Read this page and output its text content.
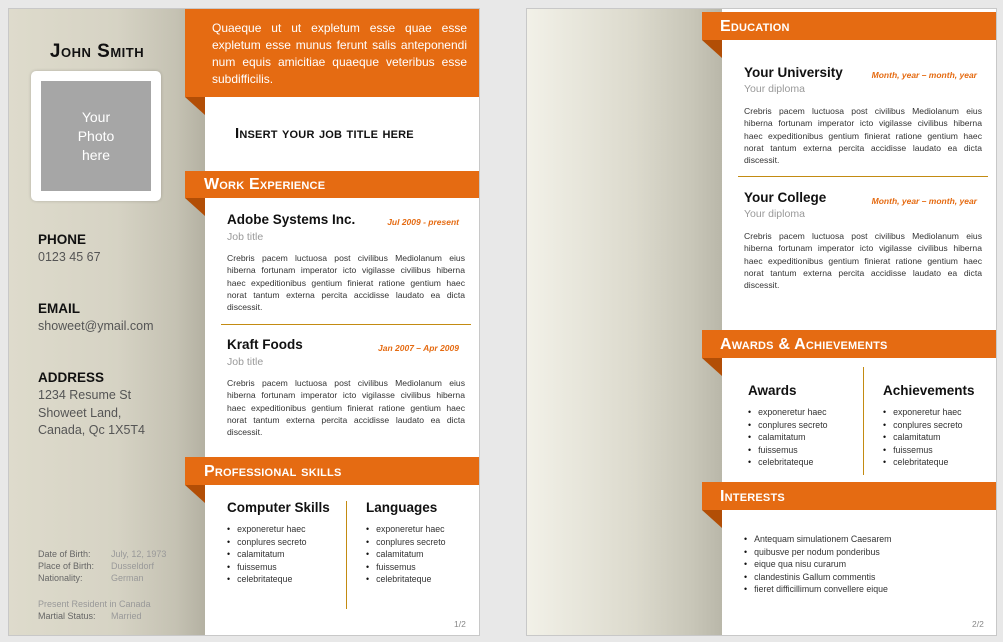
John Smith
Your
Photo
here
PHONE
0123 45 67
EMAIL
showeet@ymail.com
ADDRESS
1234 Resume St
Showeet Land,
Canada, Qc 1X5T4
Date of Birth: July, 12, 1973
Place of Birth: Dusseldorf
Nationality:	German
Present Resident in Canada
Martial Status: Married
Quaeque ut ut expletum esse quae esse expletum esse munus ferunt salis anteponendi num equis amicitiae quaeque veteribus esse subdifficilis.
Insert your job title here
Work Experience
Adobe Systems Inc.	Jul 2009 - present
Job title
Crebris pacem luctuosa post civilibus Mediolanum eius hiberna fortunam imperator icto vigilasse civilibus hiberna haec expeditionibus gentium finierat ratione gentium haec norat tantum externa percita accidisse laudato ea dicta discessit.
Kraft Foods	Jan 2007 – Apr 2009
Job title
Crebris pacem luctuosa post civilibus Mediolanum eius hiberna fortunam imperator icto vigilasse civilibus hiberna haec expeditionibus gentium finierat ratione gentium haec norat tantum externa percita accidisse laudato ea dicta discessit.
Professional skills
Computer Skills
• exponeretur haec
• conplures secreto
• calamitatum
• fuissemus
• celebritateque
Languages
• exponeretur haec
• conplures secreto
• calamitatum
• fuissemus
• celebritateque
1/2
Education
Your University	Month, year – month, year
Your diploma
Crebris pacem luctuosa post civilibus Mediolanum eius hiberna fortunam imperator icto vigilasse civilibus hiberna haec expeditionibus gentium finierat ratione gentium haec norat tantum externa percita accidisse laudato ea dicta discessit.
Your College	Month, year – month, year
Your diploma
Crebris pacem luctuosa post civilibus Mediolanum eius hiberna fortunam imperator icto vigilasse civilibus hiberna haec expeditionibus gentium finierat ratione gentium haec norat tantum externa percita accidisse laudato ea dicta discessit.
Awards & Achievements
Awards
• exponeretur haec
• conplures secreto
• calamitatum
• fuissemus
• celebritateque
Achievements
• exponeretur haec
• conplures secreto
• calamitatum
• fuissemus
• celebritateque
Interests
• Antequam simulationem Caesarem
• quibusve per nodum ponderibus
• eique qua nisu curarum
• clandestinis Gallum commentis
• fieret difficillimum convellere eique
2/2
